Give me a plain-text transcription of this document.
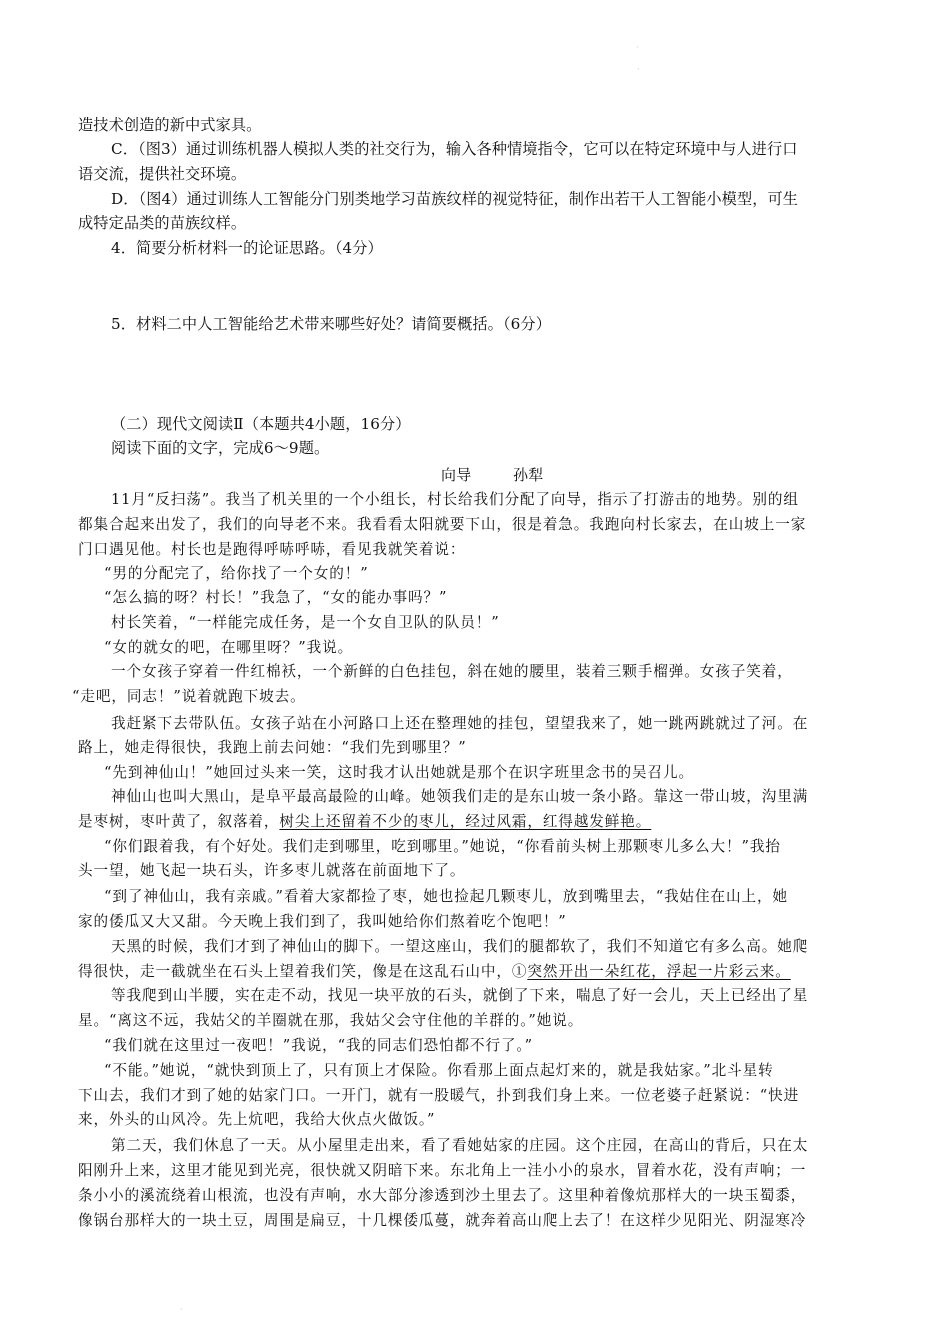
·
·
·
造技术创造的新中式家具。
C．（图3）通过训练机器人模拟人类的社交行为，输入各种情境指令，它可以在特定环境中与人进行口
语交流，提供社交环境。
D．（图4）通过训练人工智能分门别类地学习苗族纹样的视觉特征，制作出若干人工智能小模型，可生
成特定品类的苗族纹样。
4．简要分析材料一的论证思路。（4分）
5．材料二中人工智能给艺术带来哪些好处？请简要概括。（6分）
（二）现代文阅读Ⅱ（本题共4小题，16分）
阅读下面的文字，完成6～9题。
向导	孙犁
11月“反扫荡”。我当了机关里的一个小组长，村长给我们分配了向导，指示了打游击的地势。别的组
都集合起来出发了，我们的向导老不来。我看看太阳就要下山，很是着急。我跑向村长家去，在山坡上一家
门口遇见他。村长也是跑得呼哧呼哧，看见我就笑着说：
“男的分配完了，给你找了一个女的！”
“怎么搞的呀？村长！”我急了，“女的能办事吗？”
村长笑着，“一样能完成任务，是一个女自卫队的队员！”
“女的就女的吧，在哪里呀？”我说。
一个女孩子穿着一件红棉袄，一个新鲜的白色挂包，斜在她的腰里，装着三颗手榴弹。女孩子笑着，
“走吧，同志！”说着就跑下坡去。
我赶紧下去带队伍。女孩子站在小河路口上还在整理她的挂包，望望我来了，她一跳两跳就过了河。在
路上，她走得很快，我跑上前去问她：“我们先到哪里？”
“先到神仙山！”她回过头来一笑，这时我才认出她就是那个在识字班里念书的吴召儿。
神仙山也叫大黑山，是阜平最高最险的山峰。她领我们走的是东山坡一条小路。靠这一带山坡，沟里满
是枣树，枣叶黄了，叙落着，树尖上还留着不少的枣儿，经过风霜，红得越发鲜艳。
“你们跟着我，有个好处。我们走到哪里，吃到哪里。”她说，“你看前头树上那颗枣儿多么大！”我抬
头一望，她飞起一块石头，许多枣儿就落在前面地下了。
“到了神仙山，我有亲戚。”看着大家都捡了枣，她也捡起几颗枣儿，放到嘴里去，“我姑住在山上，她
家的倭瓜又大又甜。今天晚上我们到了，我叫她给你们熬着吃个饱吧！”
天黑的时候，我们才到了神仙山的脚下。一望这座山，我们的腿都软了，我们不知道它有多么高。她爬
得很快，走一截就坐在石头上望着我们笑，像是在这乱石山中，①突然开出一朵红花，浮起一片彩云来。
等我爬到山半腰，实在走不动，找见一块平放的石头，就倒了下来，喘息了好一会儿，天上已经出了星
星。“离这不远，我姑父的羊圈就在那，我姑父会守住他的羊群的。”她说。
“我们就在这里过一夜吧！”我说，“我的同志们恐怕都不行了。”
“不能。”她说，“就快到顶上了，只有顶上才保险。你看那上面点起灯来的，就是我姑家。”北斗星转
下山去，我们才到了她的姑家门口。一开门，就有一股暖气，扑到我们身上来。一位老婆子赶紧说：“快进
来，外头的山风冷。先上炕吧，我给大伙点火做饭。”
第二天，我们休息了一天。从小屋里走出来，看了看她姑家的庄园。这个庄园，在高山的背后，只在太
阳刚升上来，这里才能见到光亮，很快就又阴暗下来。东北角上一洼小小的泉水，冒着水花，没有声响；一
条小小的溪流绕着山根流，也没有声响，水大部分渗透到沙土里去了。这里种着像炕那样大的一块玉蜀黍，
像锅台那样大的一块土豆，周围是扁豆，十几棵倭瓜蔓，就奔着高山爬上去了！在这样少见阳光、阴湿寒冷
